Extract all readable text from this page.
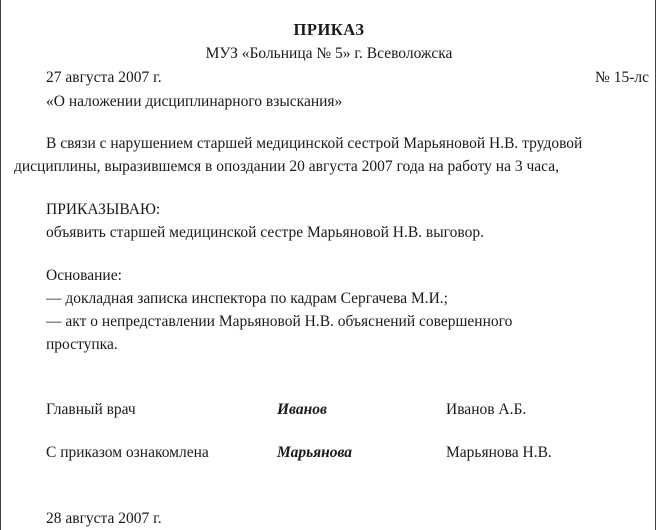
ПРИКАЗ
МУЗ «Больница № 5» г. Всеволожска
27 августа 2007 г.	№ 15-лс
«О наложении дисциплинарного взыскания»
В связи с нарушением старшей медицинской сестрой Марьяновой Н.В. трудовой
дисциплины, выразившемся в опоздании 20 августа 2007 года на работу на 3 часа,
ПРИКАЗЫВАЮ:
объявить старшей медицинской сестре Марьяновой Н.В. выговор.
Основание:
— докладная записка инспектора по кадрам Сергачева М.И.;
— акт о непредставлении Марьяновой Н.В. объяснений совершенного
проступка.
Главный врач	Иванов	Иванов А.Б.
С приказом ознакомлена	Марьянова	Марьянова Н.В.
28 августа 2007 г.
